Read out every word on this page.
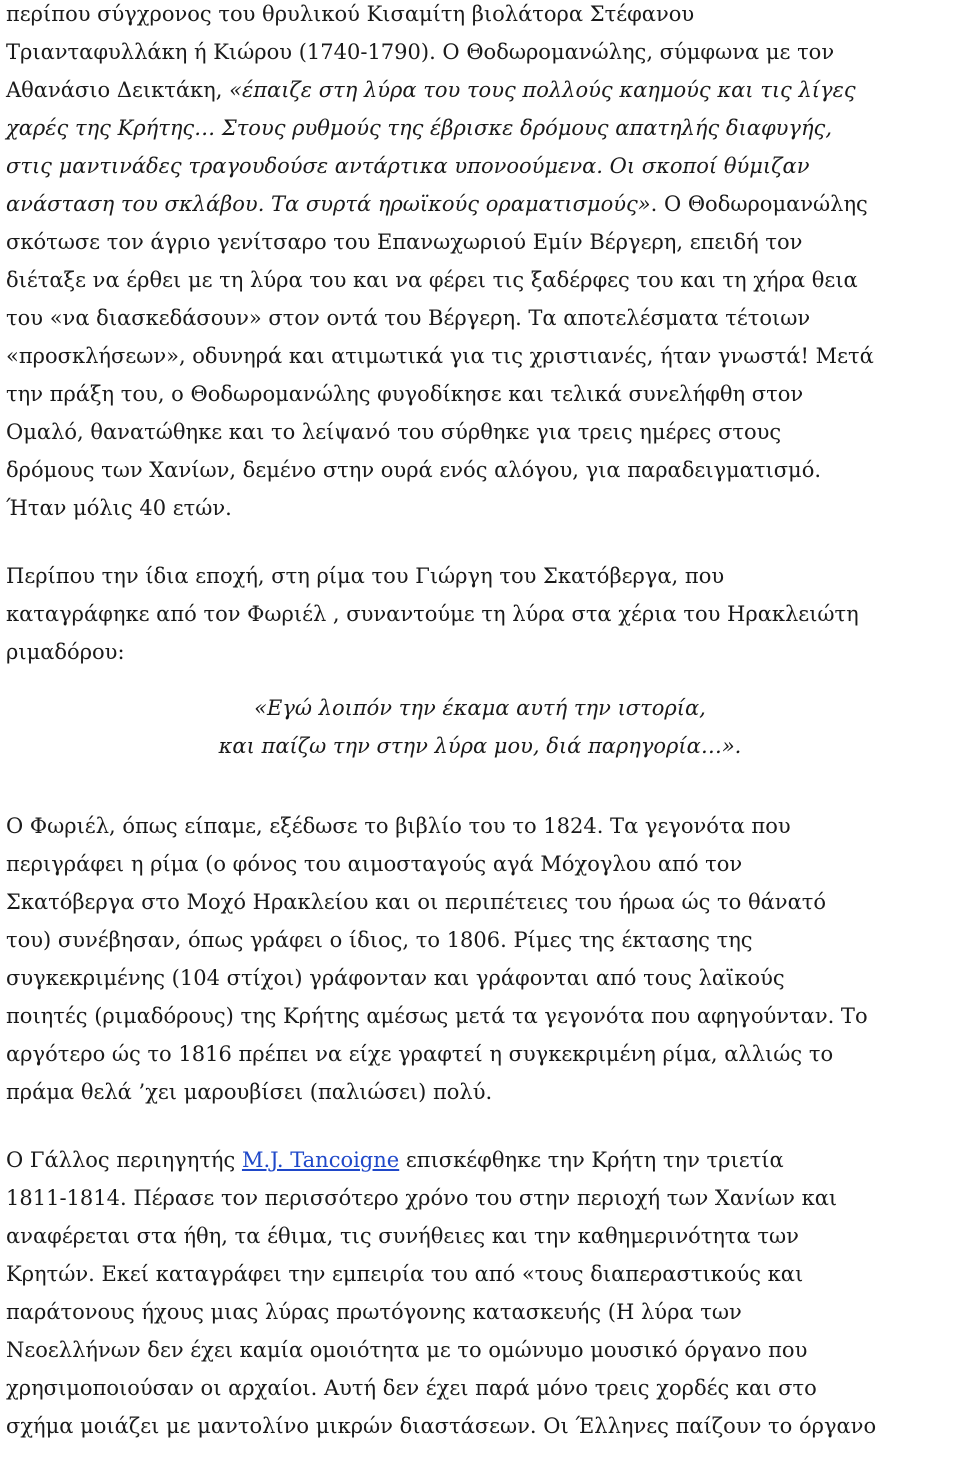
περίπου σύγχρονος του θρυλικού Κισαμίτη βιολάτορα Στέφανου
Τριανταφυλλάκη ή Κιώρου (1740-1790). Ο Θοδωρομανώλης, σύμφωνα με τον
Αθανάσιο Δεικτάκη, «έπαιζε στη λύρα του τους πολλούς καημούς και τις λίγες
χαρές της Κρήτης… Στους ρυθμούς της έβρισκε δρόμους απατηλής διαφυγής,
στις μαντινάδες τραγουδούσε αντάρτικα υπονοούμενα. Οι σκοποί θύμιζαν
ανάσταση του σκλάβου. Τα συρτά ηρωϊκούς οραματισμούς». Ο Θοδωρομανώλης
σκότωσε τον άγριο γενίτσαρο του Επανωχωριού Εμίν Βέργερη, επειδή τον
διέταξε να έρθει με τη λύρα του και να φέρει τις ξαδέρφες του και τη χήρα θεια
του «να διασκεδάσουν» στον οντά του Βέργερη. Τα αποτελέσματα τέτοιων
«προσκλήσεων», οδυνηρά και ατιμωτικά για τις χριστιανές, ήταν γνωστά! Μετά
την πράξη του, ο Θοδωρομανώλης φυγοδίκησε και τελικά συνελήφθη στον
Ομαλό, θανατώθηκε και το λείψανό του σύρθηκε για τρεις ημέρες στους
δρόμους των Χανίων, δεμένο στην ουρά ενός αλόγου, για παραδειγματισμό.
Ήταν μόλις 40 ετών.
Περίπου την ίδια εποχή, στη ρίμα του Γιώργη του Σκατόβεργα, που
καταγράφηκε από τον Φωριέλ , συναντούμε τη λύρα στα χέρια του Ηρακλειώτη
ριμαδόρου:
«Εγώ λοιπόν την έκαμα αυτή την ιστορία,
και παίζω την στην λύρα μου, διά παρηγορία…».
Ο Φωριέλ, όπως είπαμε, εξέδωσε το βιβλίο του το 1824. Τα γεγονότα που
περιγράφει η ρίμα (ο φόνος του αιμοσταγούς αγά Μόχογλου από τον
Σκατόβεργα στο Μοχό Ηρακλείου και οι περιπέτειες του ήρωα ώς το θάνατό
του) συνέβησαν, όπως γράφει ο ίδιος, το 1806. Ρίμες της έκτασης της
συγκεκριμένης (104 στίχοι) γράφονταν και γράφονται από τους λαϊκούς
ποιητές (ριμαδόρους) της Κρήτης αμέσως μετά τα γεγονότα που αφηγούνταν. Το
αργότερο ώς το 1816 πρέπει να είχε γραφτεί η συγκεκριμένη ρίμα, αλλιώς το
πράμα θελά ’χει μαρουβίσει (παλιώσει) πολύ.
Ο Γάλλος περιηγητής M.J. Tancoigne επισκέφθηκε την Κρήτη την τριετία
1811-1814. Πέρασε τον περισσότερο χρόνο του στην περιοχή των Χανίων και
αναφέρεται στα ήθη, τα έθιμα, τις συνήθειες και την καθημερινότητα των
Κρητών. Εκεί καταγράφει την εμπειρία του από «τους διαπεραστικούς και
παράτονους ήχους μιας λύρας πρωτόγονης κατασκευής (Η λύρα των
Νεοελλήνων δεν έχει καμία ομοιότητα με το ομώνυμο μουσικό όργανο που
χρησιμοποιούσαν οι αρχαίοι. Αυτή δεν έχει παρά μόνο τρεις χορδές και στο
σχήμα μοιάζει με μαντολίνο μικρών διαστάσεων. Οι Έλληνες παίζουν το όργανο
